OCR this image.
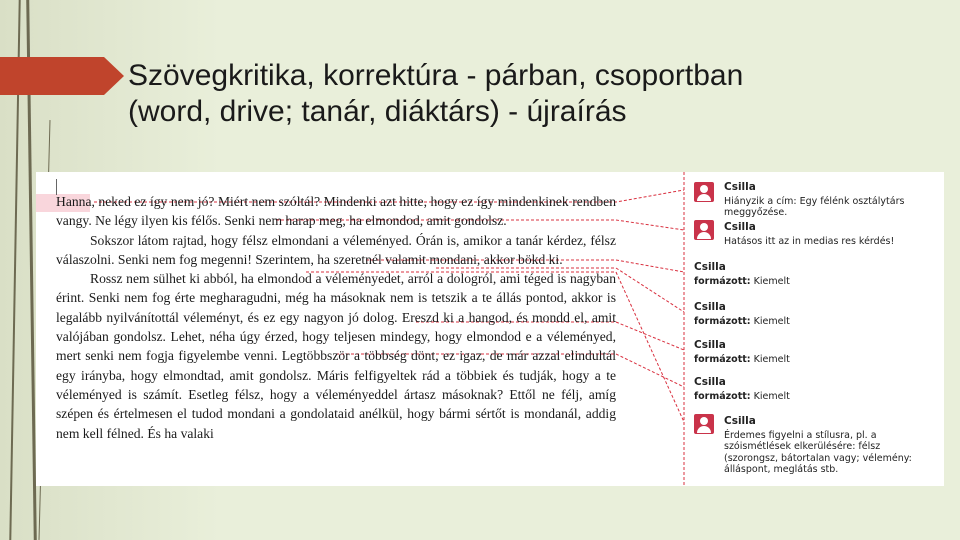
Szövegkritika, korrektúra - párban, csoportban
(word, drive; tanár, diáktárs) - újraírás

Hanna, neked ez így nem jó? Miért nem szóltál? Mindenki azt hitte, hogy ez így mindenkinek rendben vangy. Ne légy ilyen kis félős. Senki nem harap meg, ha elmondod, amit gondolsz.

Sokszor látom rajtad, hogy félsz elmondani a véleményed. Órán is, amikor a tanár kérdez, félsz válaszolni. Senki nem fog megenni! Szerintem, ha szeretnél valamit mondani, akkor bökd ki.

Rossz nem sülhet ki abból, ha elmondod a véleményedet, arról a dologról, ami téged is nagyban érint. Senki nem fog érte megharagudni, még ha másoknak nem is tetszik a te állás pontod, akkor is legalább nyilvánítottál véleményt, és ez egy nagyon jó dolog. Ereszd ki a hangod, és mondd el, amit valójában gondolsz. Lehet, néha úgy érzed, hogy teljesen mindegy, hogy elmondod e a véleményed, mert senki nem fogja figyelembe venni. Legtöbbször a többség dönt, ez igaz, de már azzal elindultál egy irányba, hogy elmondtad, amit gondolsz. Máris felfigyeltek rád a többiek és tudják, hogy a te véleményed is számít. Esetleg félsz, hogy a véleményeddel ártasz másoknak? Ettől ne félj, amíg szépen és értelmesen el tudod mondani a gondolataid anélkül, hogy bármi sértőt is mondanál, addig nem kell félned. És ha valaki

Csilla
Hiányzik a cím: Egy félénk osztálytárs meggyőzése.
Csilla
Hatásos itt az in medias res kérdés!
Csilla
formázott: Kiemelt
Csilla
formázott: Kiemelt
Csilla
formázott: Kiemelt
Csilla
formázott: Kiemelt
Csilla
Érdemes figyelni a stílusra, pl. a szóismétlések elkerülésére: félsz (szorongsz, bátortalan vagy; vélemény: álláspont, meglátás stb.
